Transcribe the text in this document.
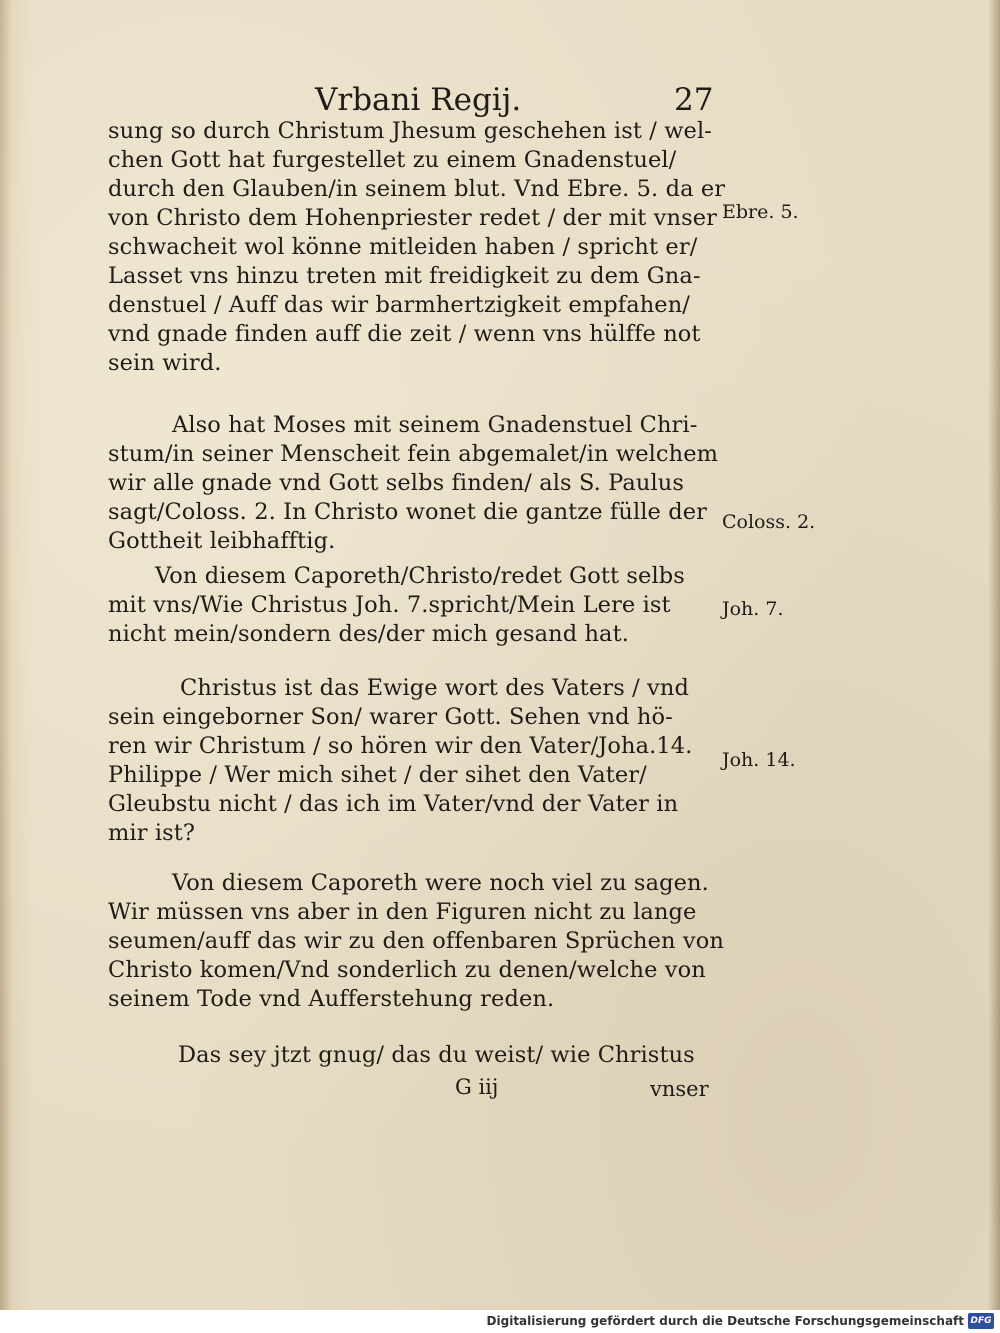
Vrbani Regij.	27

sung so durch Christum Jhesum geschehen ist / wel-

chen Gott hat furgestellet zu einem Gnadenstuel/

durch den Glauben/in seinem blut. Vnd Ebre. 5. da er

von Christo dem Hohenpriester redet / der mit vnser

schwacheit wol könne mitleiden haben / spricht er/

Lasset vns hinzu treten mit freidigkeit zu dem Gna-

denstuel / Auff das wir barmhertzigkeit empfahen/

vnd gnade finden auff die zeit / wenn vns hülffe not

sein wird.

Also hat Moses mit seinem Gnadenstuel Chri-

stum/in seiner Menscheit fein abgemalet/in welchem

wir alle gnade vnd Gott selbs finden/ als S. Paulus

sagt/Coloss. 2. In Christo wonet die gantze fülle der

Gottheit leibhafftig.

Von diesem Caporeth/Christo/redet Gott selbs

mit vns/Wie Christus Joh. 7.spricht/Mein Lere ist

nicht mein/sondern des/der mich gesand hat.

Christus ist das Ewige wort des Vaters / vnd

sein eingeborner Son/ warer Gott. Sehen vnd hö-

ren wir Christum / so hören wir den Vater/Joha.14.

Philippe / Wer mich sihet / der sihet den Vater/

Gleubstu nicht / das ich im Vater/vnd der Vater in

mir ist?

Von diesem Caporeth were noch viel zu sagen.

Wir müssen vns aber in den Figuren nicht zu lange

seumen/auff das wir zu den offenbaren Sprüchen von

Christo komen/Vnd sonderlich zu denen/welche von

seinem Tode vnd Aufferstehung reden.

Das sey jtzt gnug/ das du weist/ wie Christus

Ebre. 5.

Coloss. 2.

Joh. 7.

Joh. 14.

G iij	vnser

Digitalisierung gefördert durch die Deutsche Forschungsgemeinschaft DFG
